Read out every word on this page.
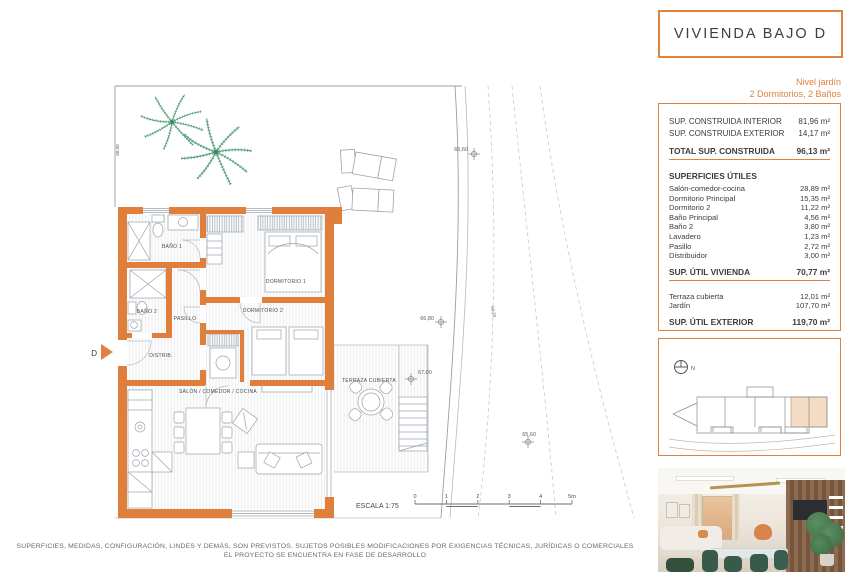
D
BAÑO 1
BAÑO 2
PASILLO
DISTRIB.
DORMITORIO 1
DORMITORIO 2
SALÓN / COMEDOR / COCINA
TERRAZA CUBIERTA
65,60
66,80
67,00
65,60
68,00
66,20
ESCALA 1:75
0	1	2	3	4	5m
VIVIENDA BAJO D
Nivel jardín
2 Dormitorios, 2 Baños
SUP. CONSTRUIDA INTERIOR 81,96 m²
SUP. CONSTRUIDA EXTERIOR 14,17 m²
TOTAL SUP. CONSTRUIDA	96,13 m²
SUPERFICIES ÚTILES
Salón-comedor-cocina	28,89 m²
Dormitorio Principal	15,35 m²
Dormitorio 2	11,22 m²
Baño Principal	4,56 m²
Baño 2	3,80 m²
Lavadero	1,23 m²
Pasillo	2,72 m²
Distribuidor	3,00 m²
SUP. ÚTIL VIVIENDA	70,77 m²
Terraza cubierta	12,01 m²
Jardín	107,70 m²
SUP. ÚTIL EXTERIOR	119,70 m²
N
SUPERFICIES, MEDIDAS, CONFIGURACIÓN, LINDES Y DEMÁS, SON PREVISTOS, SUJETOS POSIBLES MODIFICACIONES POR EXIGENCIAS TÉCNICAS, JURÍDICAS O COMERCIALES
EL PROYECTO SE ENCUENTRA EN FASE DE DESARROLLO
